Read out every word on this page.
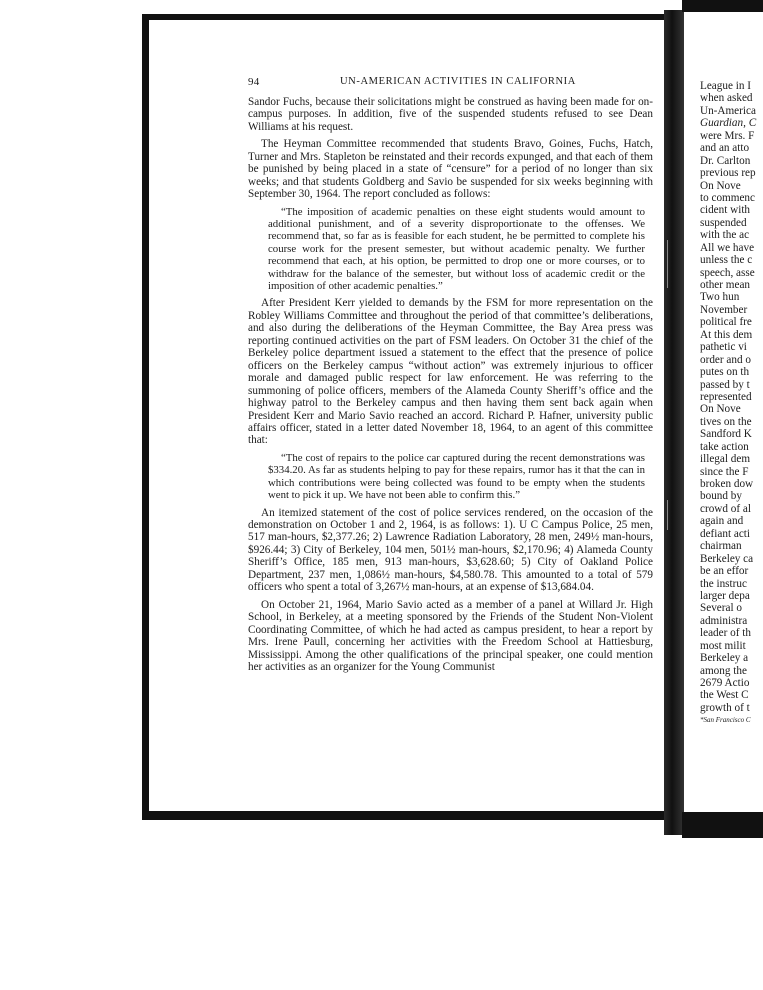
94	UN-AMERICAN ACTIVITIES IN CALIFORNIA

Sandor Fuchs, because their solicitations might be construed as having been made for on-campus purposes. In addition, five of the suspended students refused to see Dean Williams at his request.

The Heyman Committee recommended that students Bravo, Goines, Fuchs, Hatch, Turner and Mrs. Stapleton be reinstated and their records expunged, and that each of them be punished by being placed in a state of “censure” for a period of no longer than six weeks; and that students Goldberg and Savio be suspended for six weeks beginning with September 30, 1964. The report concluded as follows:

“The imposition of academic penalties on these eight students would amount to additional punishment, and of a severity disproportionate to the offenses. We recommend that, so far as is feasible for each student, he be permitted to complete his course work for the present semester, but without academic penalty. We further recommend that each, at his option, be permitted to drop one or more courses, or to withdraw for the balance of the semester, but without loss of academic credit or the imposition of other academic penalties.”

After President Kerr yielded to demands by the FSM for more representation on the Robley Williams Committee and throughout the period of that committee’s deliberations, and also during the deliberations of the Heyman Committee, the Bay Area press was reporting continued activities on the part of FSM leaders. On October 31 the chief of the Berkeley police department issued a statement to the effect that the presence of police officers on the Berkeley campus “without action” was extremely injurious to officer morale and damaged public respect for law enforcement. He was referring to the summoning of police officers, members of the Alameda County Sheriff’s office and the highway patrol to the Berkeley campus and then having them sent back again when President Kerr and Mario Savio reached an accord. Richard P. Hafner, university public affairs officer, stated in a letter dated November 18, 1964, to an agent of this committee that:

“The cost of repairs to the police car captured during the recent demonstrations was $334.20. As far as students helping to pay for these repairs, rumor has it that the can in which contributions were being collected was found to be empty when the students went to pick it up. We have not been able to confirm this.”

An itemized statement of the cost of police services rendered, on the occasion of the demonstration on October 1 and 2, 1964, is as follows: 1). U C Campus Police, 25 men, 517 man-hours, $2,377.26; 2) Lawrence Radiation Laboratory, 28 men, 249½ man-hours, $926.44; 3) City of Berkeley, 104 men, 501½ man-hours, $2,170.96; 4) Alameda County Sheriff’s Office, 185 men, 913 man-hours, $3,628.60; 5) City of Oakland Police Department, 237 men, 1,086½ man-hours, $4,580.78. This amounted to a total of 579 officers who spent a total of 3,267½ man-hours, at an expense of $13,684.04.

On October 21, 1964, Mario Savio acted as a member of a panel at Willard Jr. High School, in Berkeley, at a meeting sponsored by the Friends of the Student Non-Violent Coordinating Committee, of which he had acted as campus president, to hear a report by Mrs. Irene Paull, concerning her activities with the Freedom School at Hattiesburg, Mississippi. Among the other qualifications of the principal speaker, one could mention her activities as an organizer for the Young Communist

League in I
when asked
Un-America
Guardian, C
were Mrs. F
and an atto
Dr. Carlton
previous rep
On Nove
to commenc
cident with
suspended
with the ac
All we have
unless the c
speech, asse
other mean
Two hun
November
political fre
At this dem
pathetic vi
order and o
putes on th
passed by t
represented
On Nove
tives on the
Sandford K
take action
illegal dem
since the F
broken dow
bound by
crowd of al
again and
defiant acti
chairman
Berkeley ca
be an effor
the instruc
larger depa
Several o
administra
leader of th
most milit
Berkeley a
among the
2679 Actio
the West C
growth of t
*San Francisco C
